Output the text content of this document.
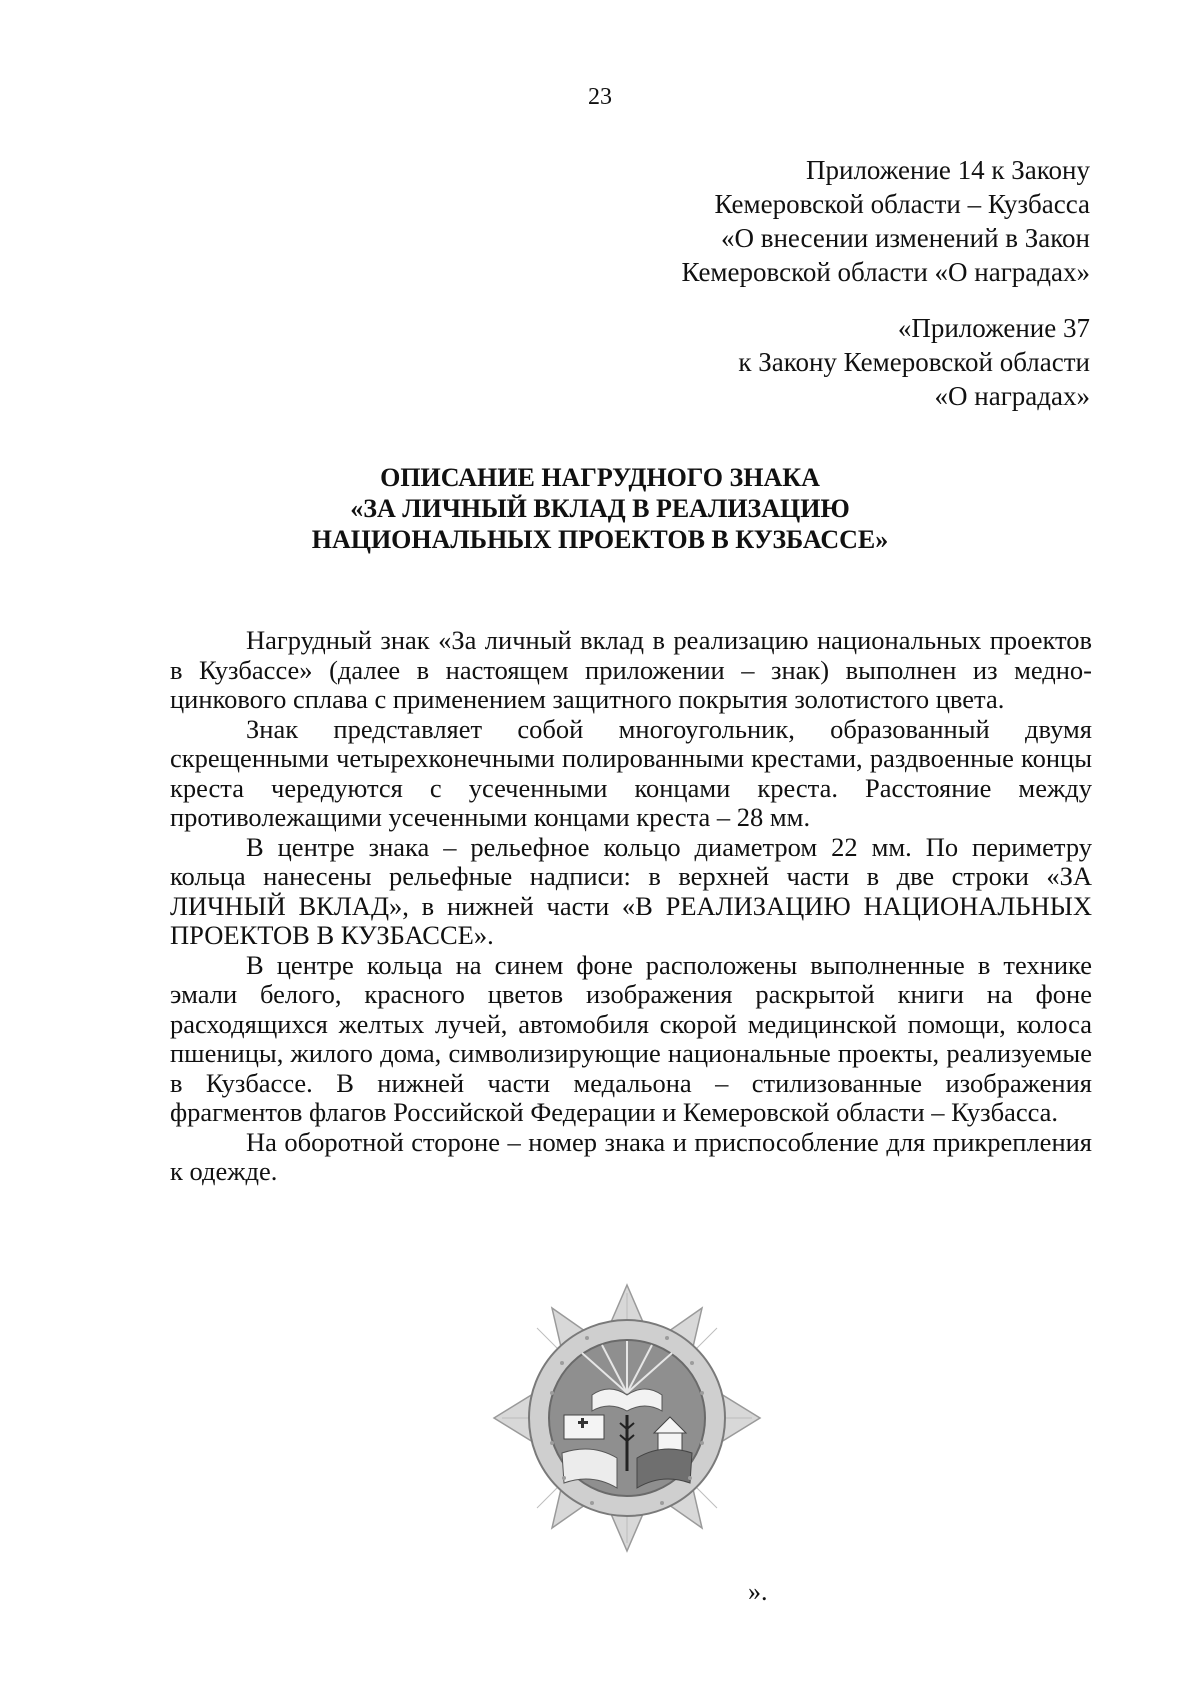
23
Приложение 14 к Закону
Кемеровской области – Кузбасса
«О внесении изменений в Закон
Кемеровской области «О наградах»
«Приложение 37
к Закону Кемеровской области
«О наградах»
ОПИСАНИЕ НАГРУДНОГО ЗНАКА
«ЗА ЛИЧНЫЙ ВКЛАД В РЕАЛИЗАЦИЮ
НАЦИОНАЛЬНЫХ ПРОЕКТОВ В КУЗБАССЕ»

Нагрудный знак «За личный вклад в реализацию национальных проектов в Кузбассе» (далее в настоящем приложении – знак) выполнен из медно-цинкового сплава с применением защитного покрытия золотистого цвета.

Знак представляет собой многоугольник, образованный двумя скрещенными четырехконечными полированными крестами, раздвоенные концы креста чередуются с усеченными концами креста. Расстояние между противолежащими усеченными концами креста – 28 мм.

В центре знака – рельефное кольцо диаметром 22 мм. По периметру кольца нанесены рельефные надписи: в верхней части в две строки «ЗА ЛИЧНЫЙ ВКЛАД», в нижней части «В РЕАЛИЗАЦИЮ НАЦИОНАЛЬНЫХ ПРОЕКТОВ В КУЗБАССЕ».

В центре кольца на синем фоне расположены выполненные в технике эмали белого, красного цветов изображения раскрытой книги на фоне расходящихся желтых лучей, автомобиля скорой медицинской помощи, колоса пшеницы, жилого дома, символизирующие национальные проекты, реализуемые в Кузбассе. В нижней части медальона – стилизованные изображения фрагментов флагов Российской Федерации и Кемеровской области – Кузбасса.

На оборотной стороне – номер знака и приспособление для прикрепления к одежде.

».
